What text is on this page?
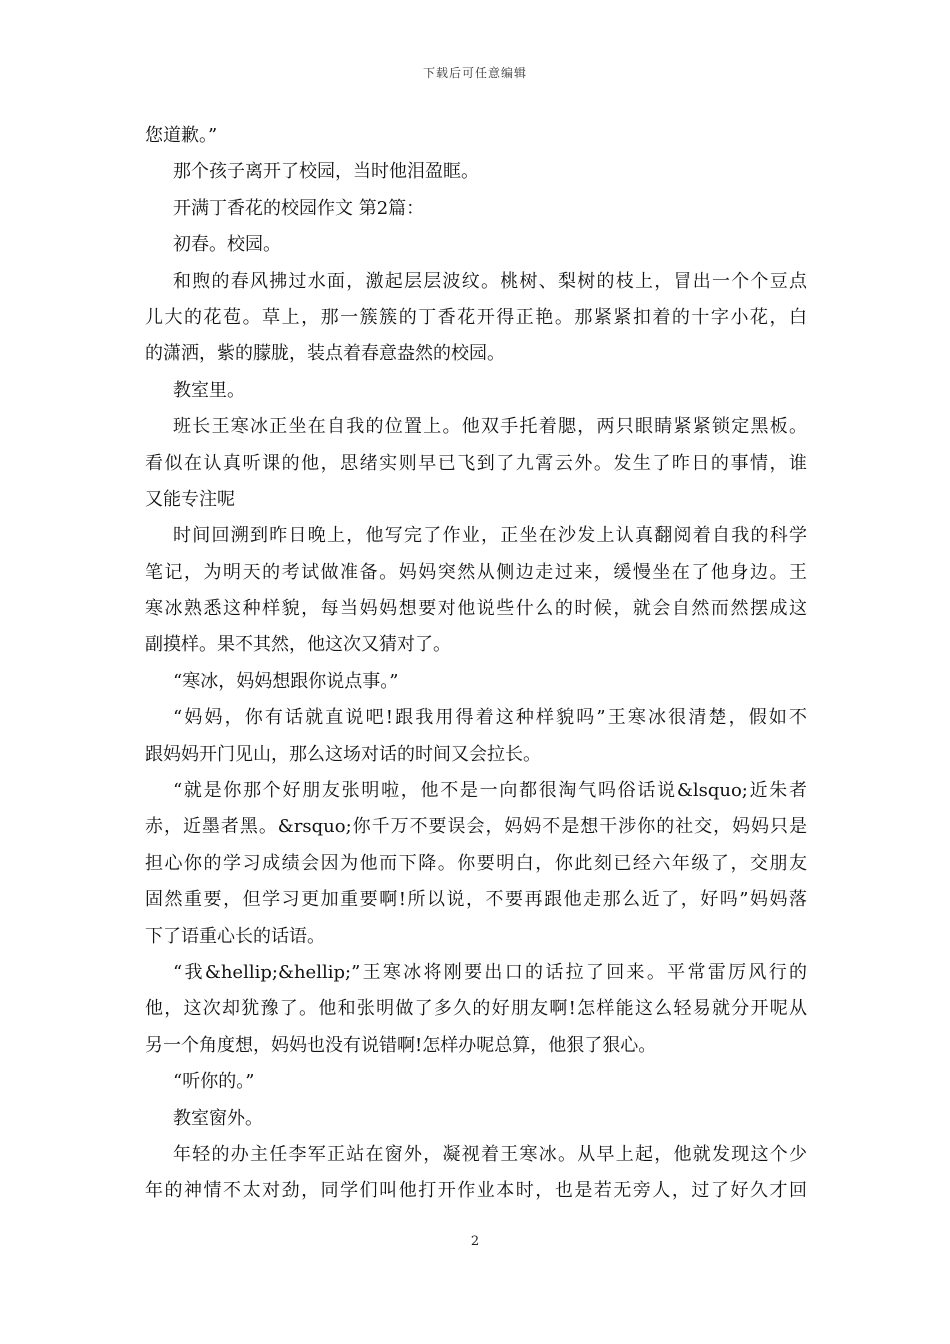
下载后可任意编辑
您道歉。”
那个孩子离开了校园，当时他泪盈眶。
开满丁香花的校园作文 第2篇：
初春。校园。
和煦的春风拂过水面，激起层层波纹。桃树、梨树的枝上，冒出一个个豆点
儿大的花苞。草上，那一簇簇的丁香花开得正艳。那紧紧扣着的十字小花，白
的潇洒，紫的朦胧，装点着春意盎然的校园。
教室里。
班长王寒冰正坐在自我的位置上。他双手托着腮，两只眼睛紧紧锁定黑板。
看似在认真听课的他，思绪实则早已飞到了九霄云外。发生了昨日的事情，谁
又能专注呢
时间回溯到昨日晚上，他写完了作业，正坐在沙发上认真翻阅着自我的科学
笔记，为明天的考试做准备。妈妈突然从侧边走过来，缓慢坐在了他身边。王
寒冰熟悉这种样貌，每当妈妈想要对他说些什么的时候，就会自然而然摆成这
副摸样。果不其然，他这次又猜对了。
“寒冰，妈妈想跟你说点事。”
“妈妈，你有话就直说吧!跟我用得着这种样貌吗”王寒冰很清楚，假如不
跟妈妈开门见山，那么这场对话的时间又会拉长。
“就是你那个好朋友张明啦，他不是一向都很淘气吗俗话说&lsquo;近朱者
赤，近墨者黑。&rsquo;你千万不要误会，妈妈不是想干涉你的社交，妈妈只是
担心你的学习成绩会因为他而下降。你要明白，你此刻已经六年级了，交朋友
固然重要，但学习更加重要啊!所以说，不要再跟他走那么近了，好吗”妈妈落
下了语重心长的话语。
“我&hellip;&hellip;”王寒冰将刚要出口的话拉了回来。平常雷厉风行的
他，这次却犹豫了。他和张明做了多久的好朋友啊!怎样能这么轻易就分开呢从
另一个角度想，妈妈也没有说错啊!怎样办呢总算，他狠了狠心。
“听你的。”
教室窗外。
年轻的办主任李军正站在窗外，凝视着王寒冰。从早上起，他就发现这个少
年的神情不太对劲，同学们叫他打开作业本时，也是若无旁人，过了好久才回
2
